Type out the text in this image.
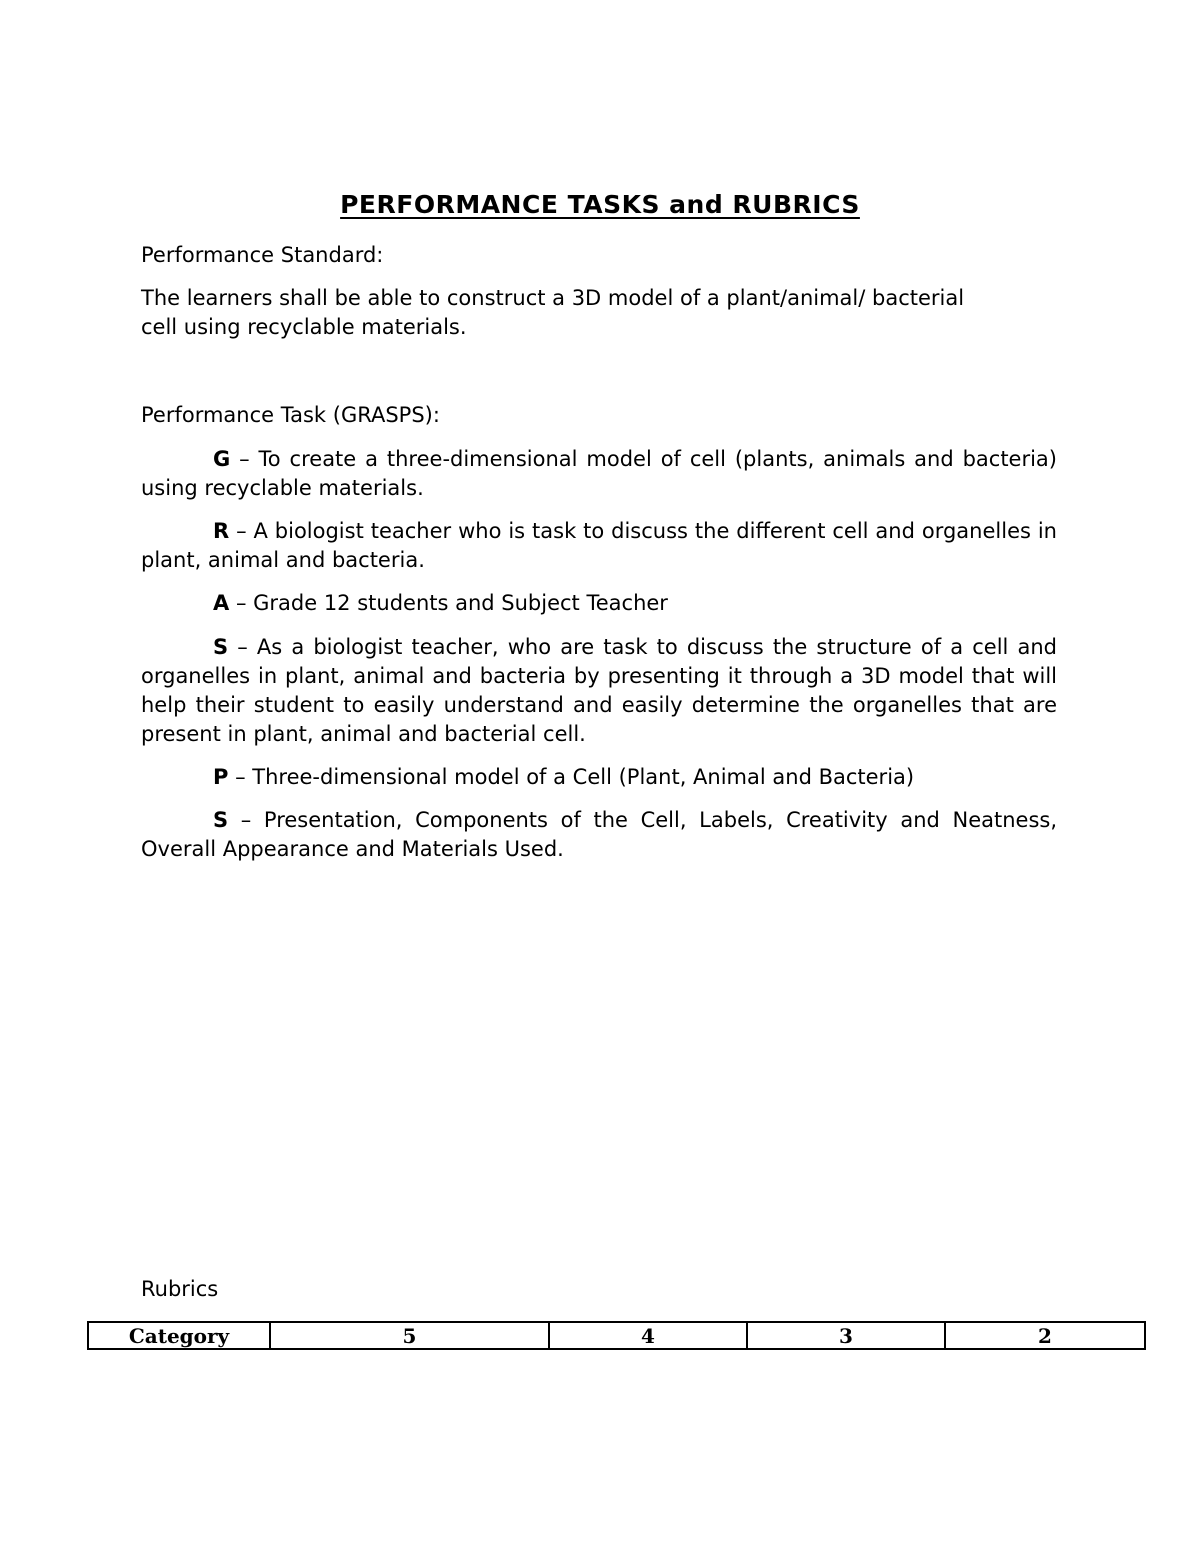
PERFORMANCE TASKS and RUBRICS
Performance Standard:
The learners shall be able to construct a 3D model of a plant/animal/ bacterial
cell using recyclable materials.
Performance Task (GRASPS):
G – To create a three-dimensional model of cell (plants, animals and bacteria) using recyclable materials.
R – A biologist teacher who is task to discuss the different cell and organelles in plant, animal and bacteria.
A – Grade 12 students and Subject Teacher
S – As a biologist teacher, who are task to discuss the structure of a cell and organelles in plant, animal and bacteria by presenting it through a 3D model that will help their student to easily understand and easily determine the organelles that are present in plant, animal and bacterial cell.
P – Three-dimensional model of a Cell (Plant, Animal and Bacteria)
S – Presentation, Components of the Cell, Labels, Creativity and Neatness, Overall Appearance and Materials Used.
Rubrics
Category	5	4	3	2
